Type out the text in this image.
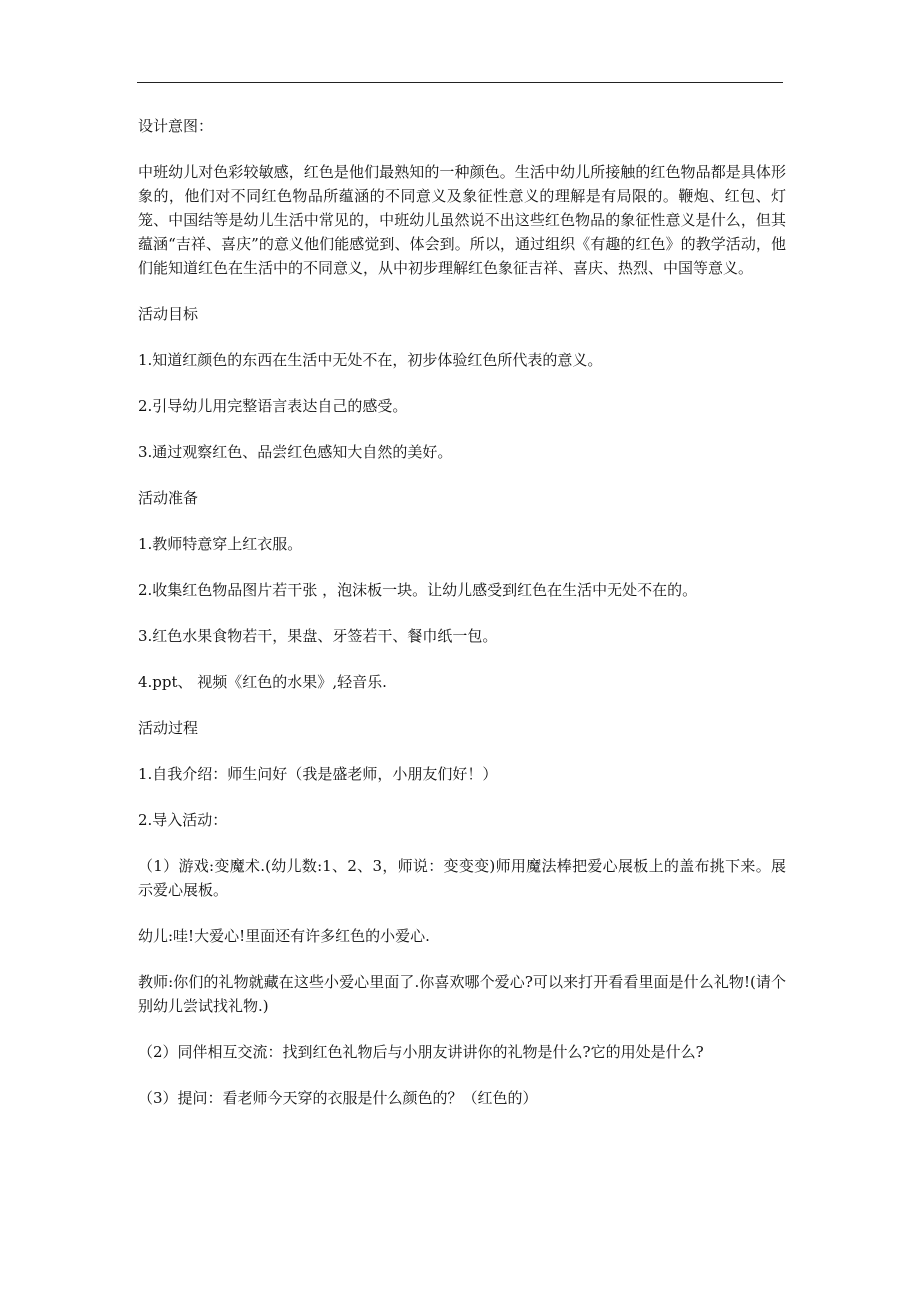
设计意图：

中班幼儿对色彩较敏感，红色是他们最熟知的一种颜色。生活中幼儿所接触的红色物品都是具体形象的，他们对不同红色物品所蕴涵的不同意义及象征性意义的理解是有局限的。鞭炮、红包、灯笼、中国结等是幼儿生活中常见的，中班幼儿虽然说不出这些红色物品的象征性意义是什么，但其蕴涵“吉祥、喜庆”的意义他们能感觉到、体会到。所以，通过组织《有趣的红色》的教学活动，他们能知道红色在生活中的不同意义，从中初步理解红色象征吉祥、喜庆、热烈、中国等意义。

活动目标

1.知道红颜色的东西在生活中无处不在，初步体验红色所代表的意义。

2.引导幼儿用完整语言表达自己的感受。

3.通过观察红色、品尝红色感知大自然的美好。

活动准备

1.教师特意穿上红衣服。

2.收集红色物品图片若干张 ，泡沫板一块。让幼儿感受到红色在生活中无处不在的。

3.红色水果食物若干，果盘、牙签若干、餐巾纸一包。

4.ppt、 视频《红色的水果》,轻音乐.

活动过程

1.自我介绍：师生问好（我是盛老师，小朋友们好！）

2.导入活动：

（1）游戏:变魔术.(幼儿数:1、2、3，师说：变变变)师用魔法棒把爱心展板上的盖布挑下来。展示爱心展板。

幼儿:哇!大爱心!里面还有许多红色的小爱心.

教师:你们的礼物就藏在这些小爱心里面了.你喜欢哪个爱心?可以来打开看看里面是什么礼物!(请个别幼儿尝试找礼物.)

（2）同伴相互交流：找到红色礼物后与小朋友讲讲你的礼物是什么?它的用处是什么?

（3）提问：看老师今天穿的衣服是什么颜色的？（红色的）
